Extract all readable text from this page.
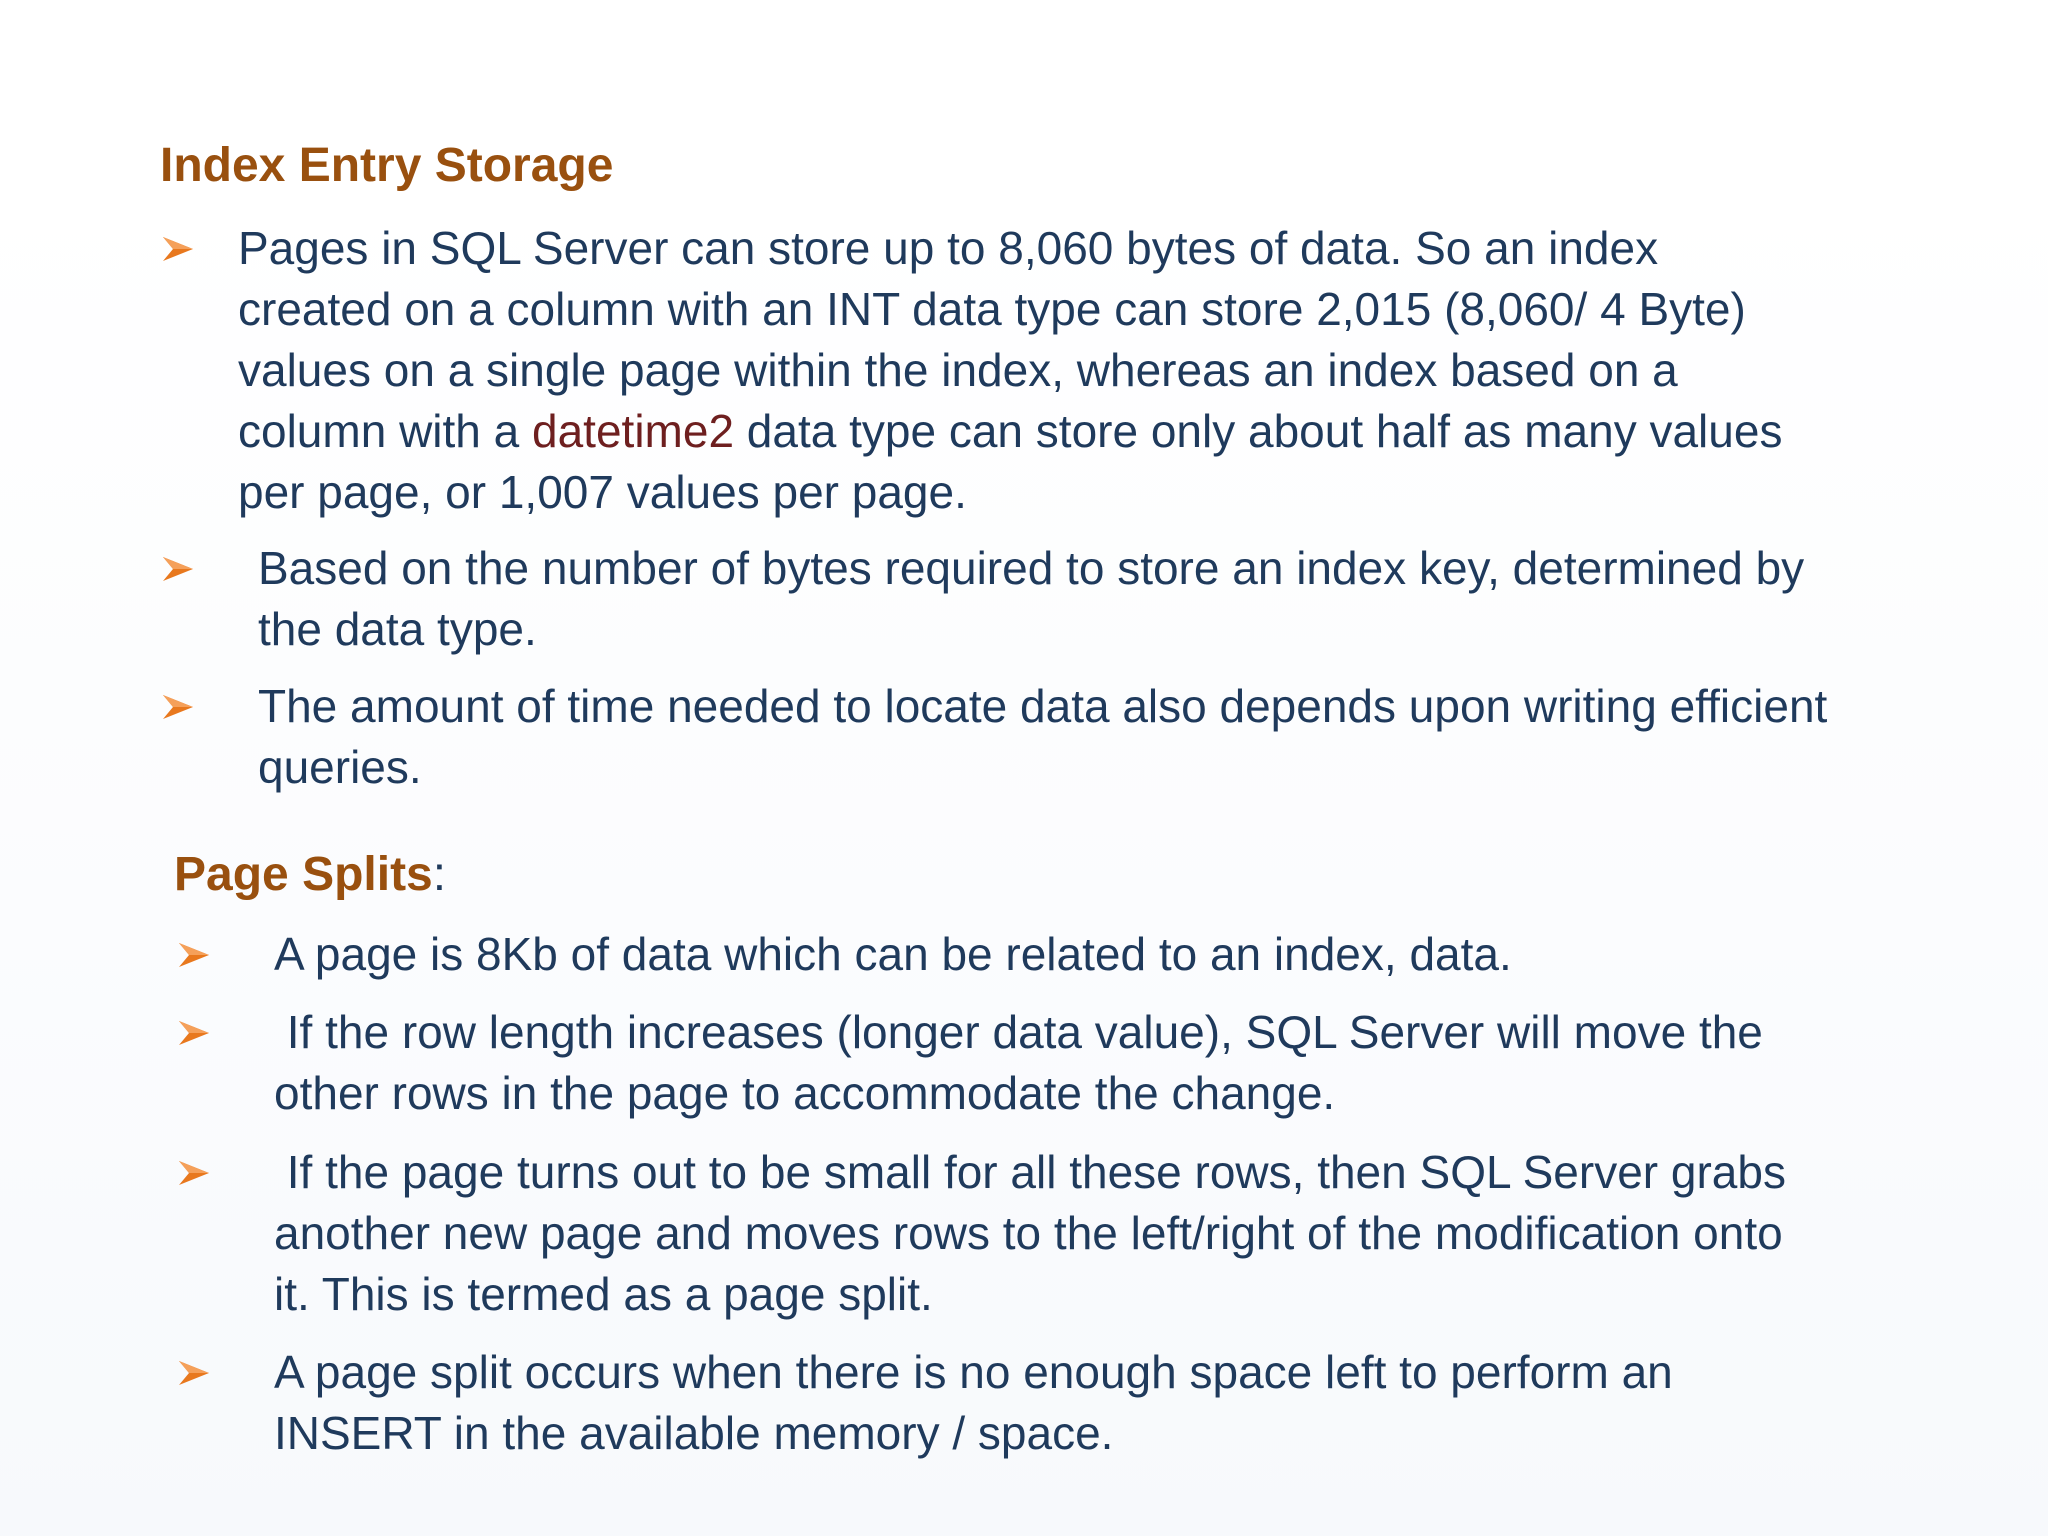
Index Entry Storage
Pages in SQL Server can store up to 8,060 bytes of data. So an index
created on a column with an INT data type can store 2,015 (8,060/ 4 Byte)
values on a single page within the index, whereas an index based on a
column with a datetime2 data type can store only about half as many values
per page, or 1,007 values per page.
Based on the number of bytes required to store an index key, determined by
the data type.
The amount of time needed to locate data also depends upon writing efficient
queries.
Page Splits:
A page is 8Kb of data which can be related to an index, data.
If the row length increases (longer data value), SQL Server will move the
other rows in the page to accommodate the change.
If the page turns out to be small for all these rows, then SQL Server grabs
another new page and moves rows to the left/right of the modification onto
it. This is termed as a page split.
A page split occurs when there is no enough space left to perform an
INSERT in the available memory / space.
